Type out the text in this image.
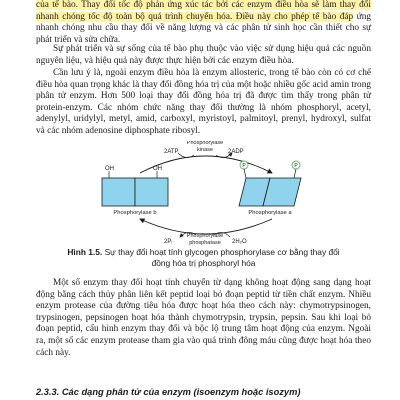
của tế bào. Thay đổi tốc độ phản ứng xúc tác bởi các enzym điều hòa sẽ làm thay đổi nhanh chóng tốc độ toàn bộ quá trình chuyển hóa. Điều này cho phép tế bào đáp ứng nhanh chóng nhu cầu thay đổi về năng lượng và các phân tử sinh học cần thiết cho sự phát triển và sửa chữa.

Sự phát triển và sự sống của tế bào phụ thuộc vào việc sử dụng hiệu quả các nguồn nguyên liệu, và hiệu quả này được thực hiện bởi các enzym điều hòa.

Cần lưu ý là, ngoài enzym điều hòa là enzym allosteric, trong tế bào còn có cơ chế điều hòa quan trọng khác là thay đổi đồng hóa trị của một hoặc nhiều gốc acid amin trong phân tử enzym. Hơn 500 loại thay đổi đồng hóa trị đã được tìm thấy trong phân tử protein-enzym. Các nhóm chức năng thay đổi thường là nhóm phosphoryl, acetyl, adenylyl, uridylyl, metyl, amid, carboxyl, myristoyl, palmitoyl, prenyl, hydroxyl, sulfat và các nhóm adenosine diphosphate ribosyl.

2ATP	2ADP
Phosphorylase
kinase
OH	OH
Phosphorylase b
P	P
Phosphorylase a
2Pᵢ	2H₂O
Phosphorylase
phosphatase

Hình 1.5. Sự thay đổi hoạt tính glycogen phosphorylase cơ bằng thay đổi
đồng hóa trị phosphoryl hóa

Một số enzym thay đổi hoạt tính chuyển từ dạng không hoạt động sang dạng hoạt động bằng cách thủy phân liên kết peptid loại bỏ đoạn peptid từ tiền chất enzym. Nhiều enzym protease của đường tiêu hóa được hoạt hóa theo cách này: chymotrypsinogen, trypsinogen, pepsinogen hoạt hóa thành chymotrypsin, trypsin, pepsin. Sau khi loại bỏ đoạn peptid, cấu hình enzym thay đổi và bộc lộ trung tâm hoạt động của enzym. Ngoài ra, một số các enzym protease tham gia vào quá trình đông máu cũng được hoạt hóa theo cách này.

2.3.3. Các dạng phân tử của enzym (isoenzym hoặc isozym)
